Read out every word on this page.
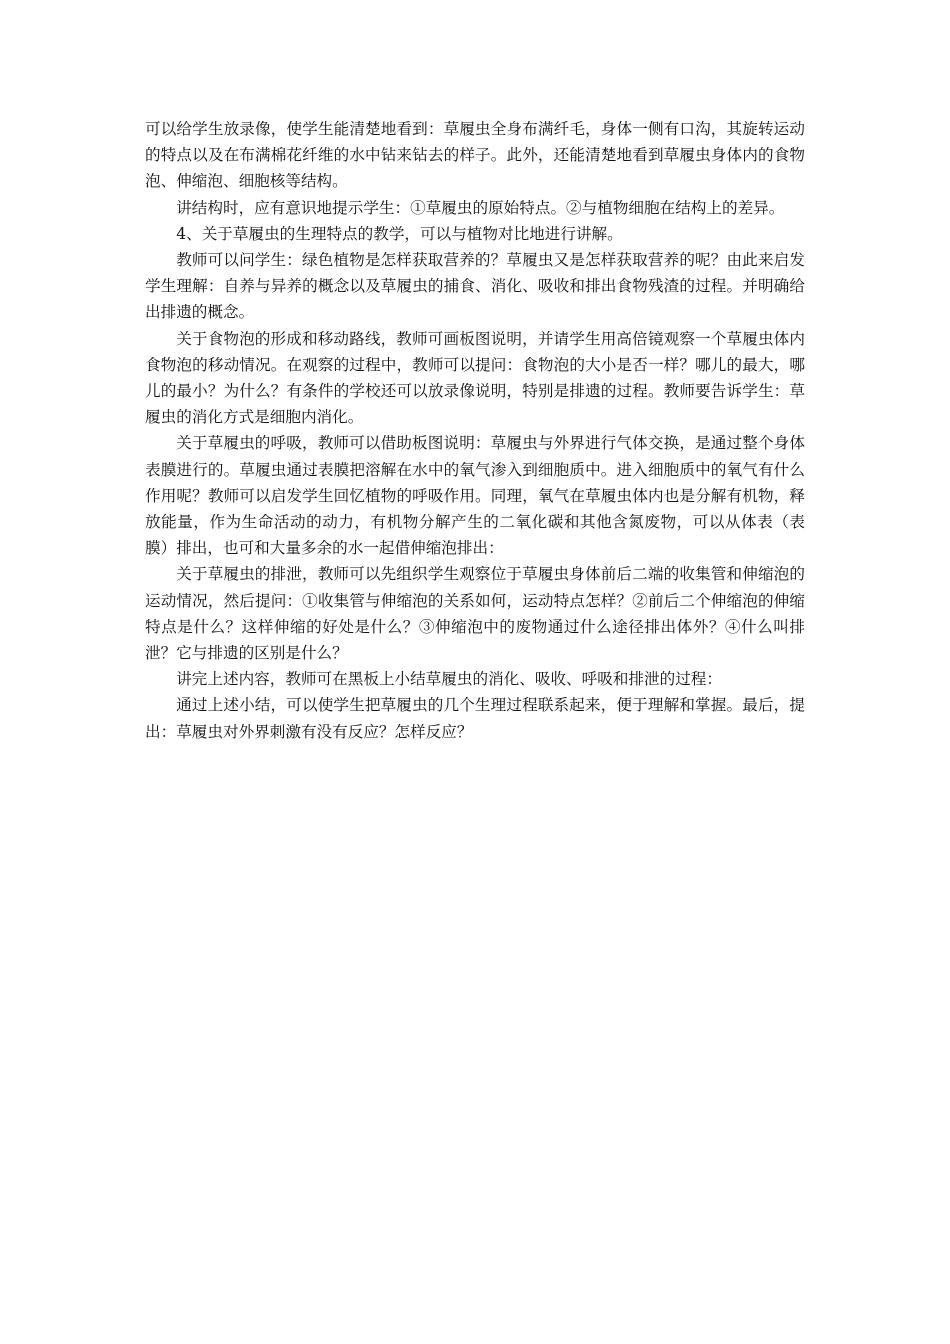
可以给学生放录像，使学生能清楚地看到：草履虫全身布满纤毛，身体一侧有口沟，其旋转运动的特点以及在布满棉花纤维的水中钻来钻去的样子。此外，还能清楚地看到草履虫身体内的食物泡、伸缩泡、细胞核等结构。

讲结构时，应有意识地提示学生：①草履虫的原始特点。②与植物细胞在结构上的差异。

4、关于草履虫的生理特点的教学，可以与植物对比地进行讲解。

教师可以问学生：绿色植物是怎样获取营养的？草履虫又是怎样获取营养的呢？由此来启发学生理解：自养与异养的概念以及草履虫的捕食、消化、吸收和排出食物残渣的过程。并明确给出排遗的概念。

关于食物泡的形成和移动路线，教师可画板图说明，并请学生用高倍镜观察一个草履虫体内食物泡的移动情况。在观察的过程中，教师可以提问：食物泡的大小是否一样？哪儿的最大，哪儿的最小？为什么？有条件的学校还可以放录像说明，特别是排遗的过程。教师要告诉学生：草履虫的消化方式是细胞内消化。

关于草履虫的呼吸，教师可以借助板图说明：草履虫与外界进行气体交换，是通过整个身体表膜进行的。草履虫通过表膜把溶解在水中的氧气渗入到细胞质中。进入细胞质中的氧气有什么作用呢？教师可以启发学生回忆植物的呼吸作用。同理，氧气在草履虫体内也是分解有机物，释放能量，作为生命活动的动力，有机物分解产生的二氧化碳和其他含氮废物，可以从体表（表膜）排出，也可和大量多余的水一起借伸缩泡排出：

关于草履虫的排泄，教师可以先组织学生观察位于草履虫身体前后二端的收集管和伸缩泡的运动情况，然后提问：①收集管与伸缩泡的关系如何，运动特点怎样？②前后二个伸缩泡的伸缩特点是什么？这样伸缩的好处是什么？③伸缩泡中的废物通过什么途径排出体外？④什么叫排泄？它与排遗的区别是什么？

讲完上述内容，教师可在黑板上小结草履虫的消化、吸收、呼吸和排泄的过程：

通过上述小结，可以使学生把草履虫的几个生理过程联系起来，便于理解和掌握。最后，提出：草履虫对外界刺激有没有反应？怎样反应？
